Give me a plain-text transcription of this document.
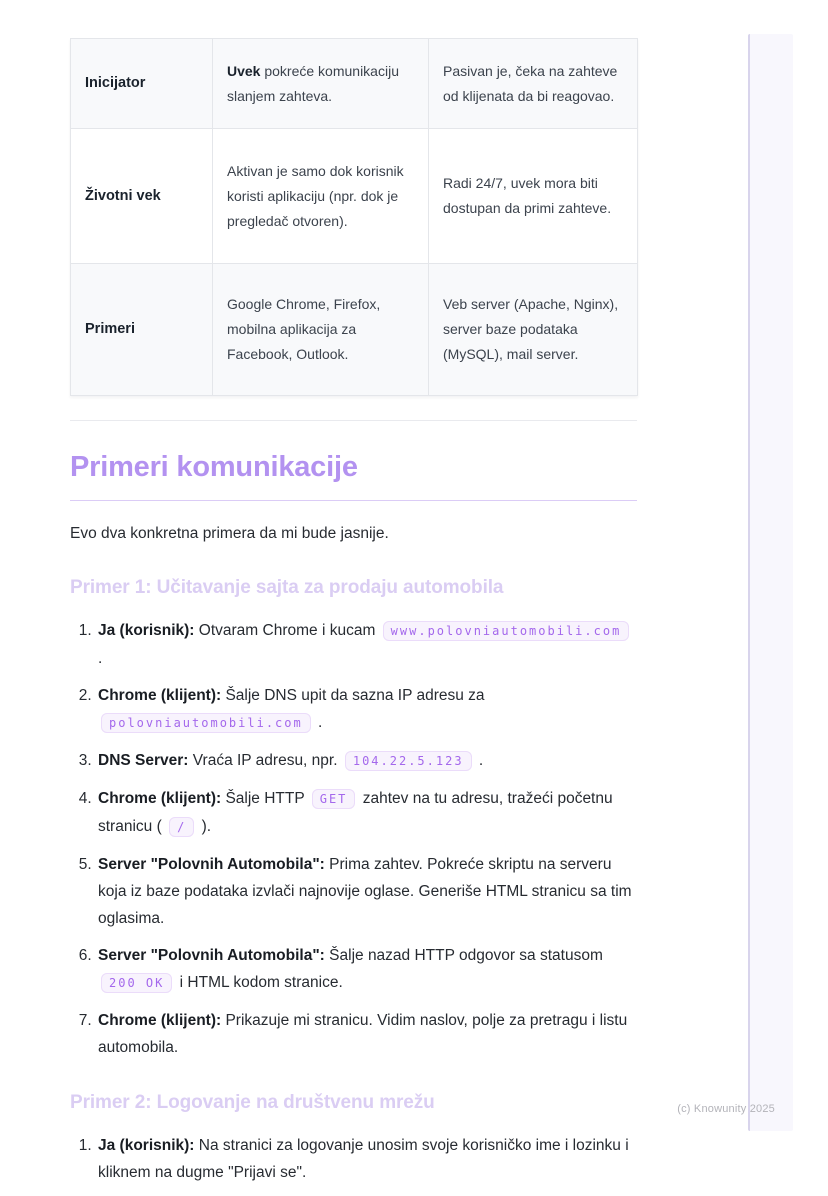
Inicijator	Uvek pokreće komunikaciju slanjem zahteva.	Pasivan je, čeka na zahteve od klijenata da bi reagovao.
Životni vek	Aktivan je samo dok korisnik koristi aplikaciju (npr. dok je pregledač otvoren).	Radi 24/7, uvek mora biti dostupan da primi zahteve.
Primeri	Google Chrome, Firefox, mobilna aplikacija za Facebook, Outlook.	Veb server (Apache, Nginx), server baze podataka (MySQL), mail server.
Primeri komunikacije

Evo dva konkretna primera da mi bude jasnije.

Primer 1: Učitavanje sajta za prodaju automobila
1. Ja (korisnik): Otvaram Chrome i kucam www.polovniautomobili.com .
2. Chrome (klijent): Šalje DNS upit da sazna IP adresu za polovniautomobili.com .
3. DNS Server: Vraća IP adresu, npr. 104.22.5.123 .
4. Chrome (klijent): Šalje HTTP GET zahtev na tu adresu, tražeći početnu stranicu ( / ).
5. Server "Polovnih Automobila": Prima zahtev. Pokreće skriptu na serveru koja iz baze podataka izvlači najnovije oglase. Generiše HTML stranicu sa tim oglasima.
6. Server "Polovnih Automobila": Šalje nazad HTTP odgovor sa statusom 200 OK i HTML kodom stranice.
7. Chrome (klijent): Prikazuje mi stranicu. Vidim naslov, polje za pretragu i listu automobila.
Primer 2: Logovanje na društvenu mrežu
1. Ja (korisnik): Na stranici za logovanje unosim svoje korisničko ime i lozinku i kliknem na dugme "Prijavi se".
(c) Knowunity 2025
